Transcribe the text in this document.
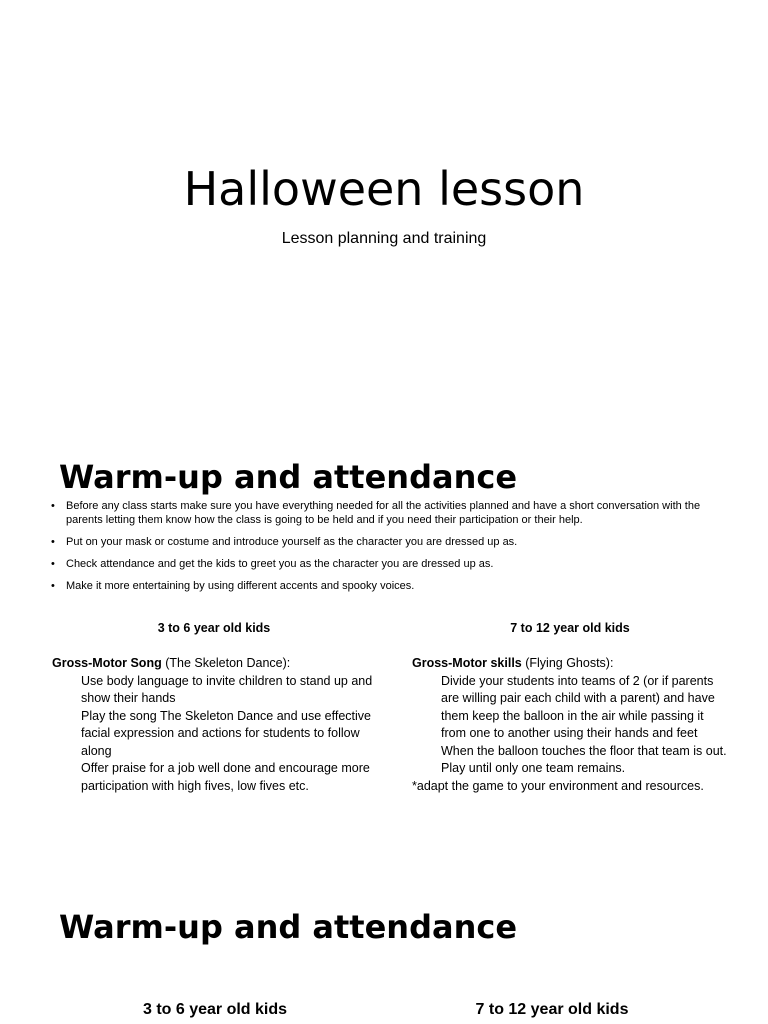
Halloween lesson
Lesson planning and training
Warm-up and attendance
• Before any class starts make sure you have everything needed for all the activities planned and have a short conversation with the parents letting them know how the class is going to be held and if you need their participation or their help.
• Put on your mask or costume and introduce yourself as the character you are dressed up as.
• Check attendance and get the kids to greet you as the character you are dressed up as.
• Make it more entertaining by using different accents and spooky voices.
3 to 6 year old kids	7 to 12 year old kids
Gross-Motor Song (The Skeleton Dance):
Use body language to invite children to stand up and show their hands
Play the song The Skeleton Dance and use effective facial expression and actions for students to follow along
Offer praise for a job well done and encourage more participation with high fives, low fives etc.
Gross-Motor skills (Flying Ghosts):
Divide your students into teams of 2 (or if parents are willing pair each child with a parent) and have them keep the balloon in the air while passing it from one to another using their hands and feet
When the balloon touches the floor that team is out.
Play until only one team remains.
*adapt the game to your environment and resources.
Warm-up and attendance
3 to 6 year old kids	7 to 12 year old kids
